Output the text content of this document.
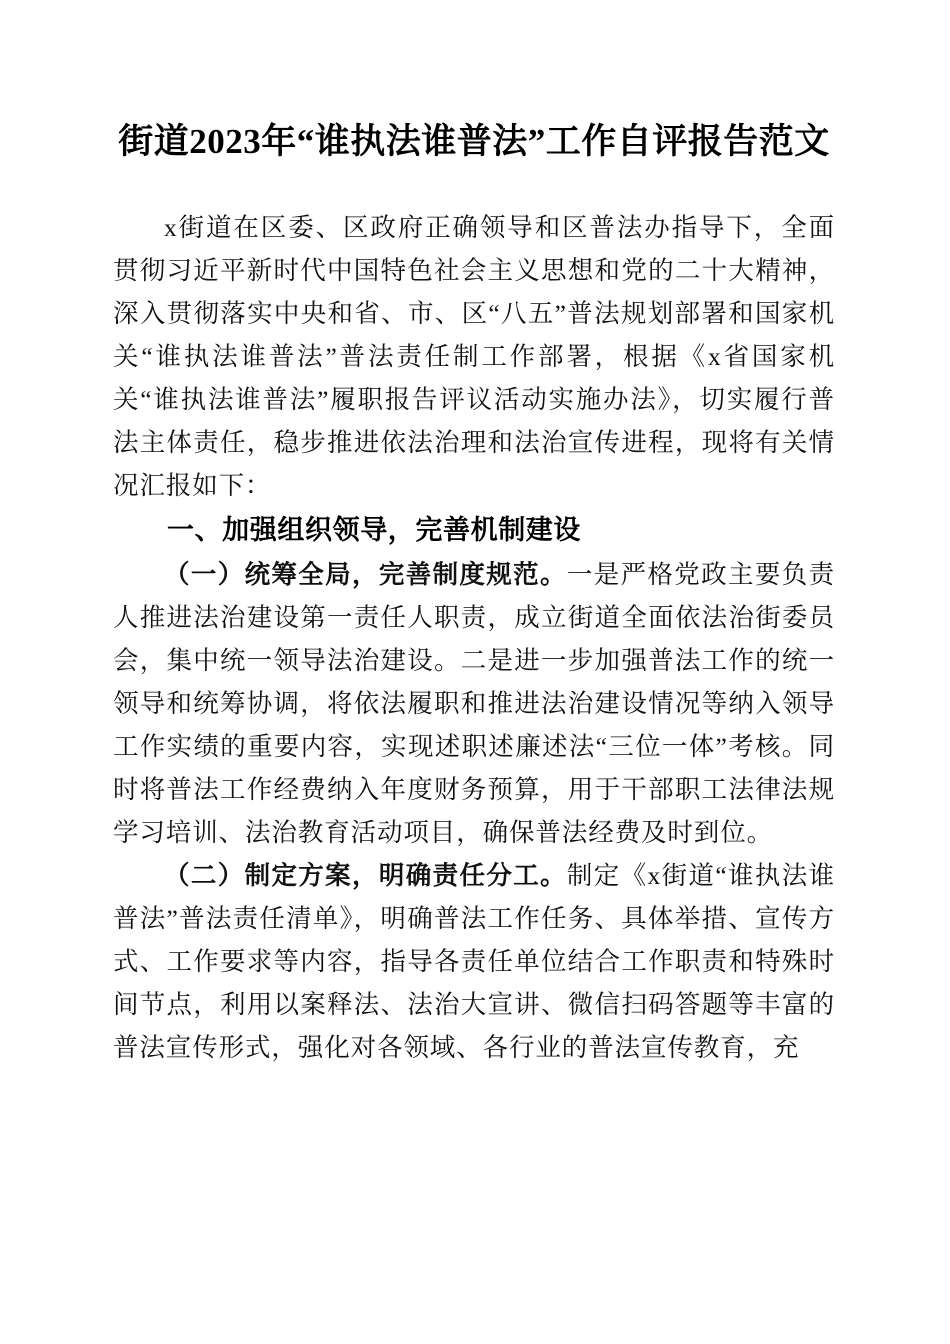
街道2023年“谁执法谁普法”工作自评报告范文

x街道在区委、区政府正确领导和区普法办指导下，全面贯彻习近平新时代中国特色社会主义思想和党的二十大精神，深入贯彻落实中央和省、市、区“八五”普法规划部署和国家机关“谁执法谁普法”普法责任制工作部署，根据《x省国家机关“谁执法谁普法”履职报告评议活动实施办法》，切实履行普法主体责任，稳步推进依法治理和法治宣传进程，现将有关情况汇报如下：

一、加强组织领导，完善机制建设

（一）统筹全局，完善制度规范。一是严格党政主要负责人推进法治建设第一责任人职责，成立街道全面依法治街委员会，集中统一领导法治建设。二是进一步加强普法工作的统一领导和统筹协调，将依法履职和推进法治建设情况等纳入领导工作实绩的重要内容，实现述职述廉述法“三位一体”考核。同时将普法工作经费纳入年度财务预算，用于干部职工法律法规学习培训、法治教育活动项目，确保普法经费及时到位。

（二）制定方案，明确责任分工。制定《x街道“谁执法谁普法”普法责任清单》，明确普法工作任务、具体举措、宣传方式、工作要求等内容，指导各责任单位结合工作职责和特殊时间节点，利用以案释法、法治大宣讲、微信扫码答题等丰富的普法宣传形式，强化对各领域、各行业的普法宣传教育，充
